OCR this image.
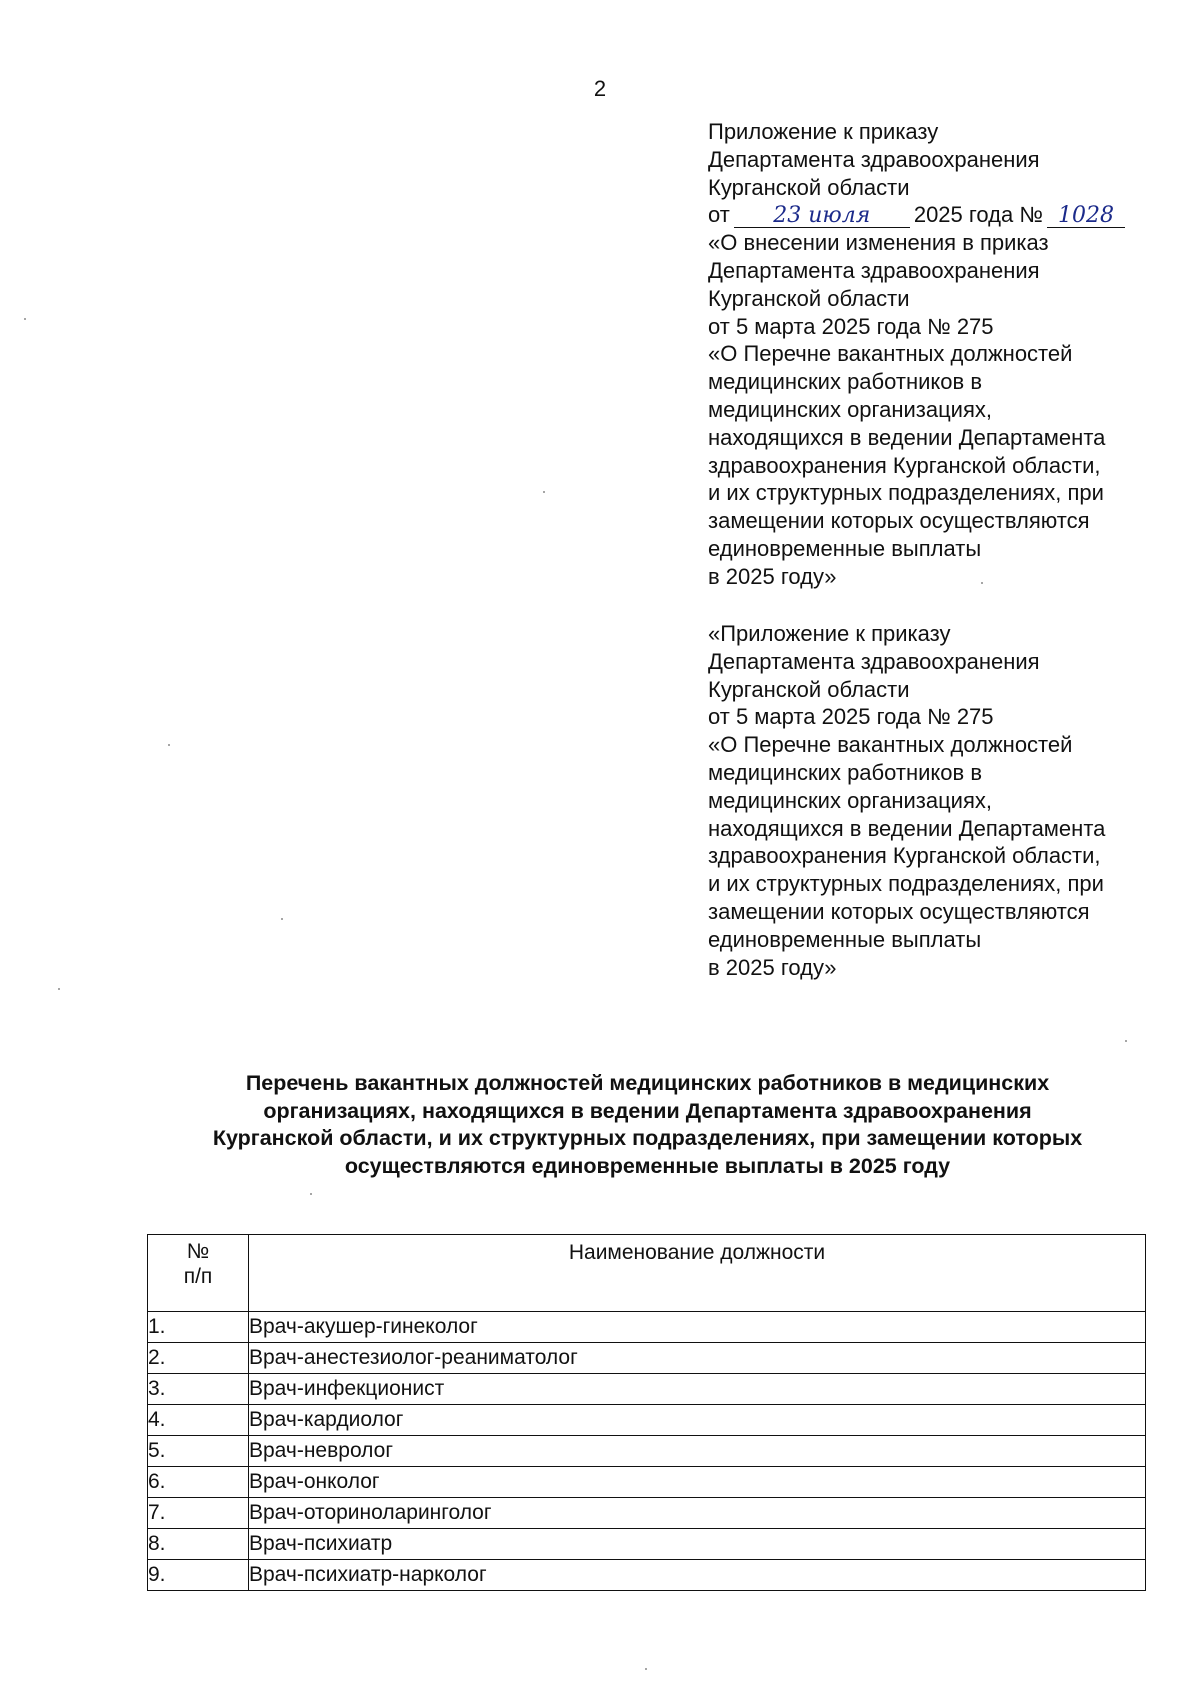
2

Приложение к приказу

Департамента здравоохранения

Курганской области

от 23 июля 2025 года № 1028

«О внесении изменения в приказ

Департамента здравоохранения

Курганской области

от 5 марта 2025 года № 275

«О Перечне вакантных должностей

медицинских работников в

медицинских организациях,

находящихся в ведении Департамента

здравоохранения Курганской области,

и их структурных подразделениях, при

замещении которых осуществляются

единовременные выплаты

в 2025 году»

«Приложение к приказу

Департамента здравоохранения

Курганской области

от 5 марта 2025 года № 275

«О Перечне вакантных должностей

медицинских работников в

медицинских организациях,

находящихся в ведении Департамента

здравоохранения Курганской области,

и их структурных подразделениях, при

замещении которых осуществляются

единовременные выплаты

в 2025 году»

Перечень вакантных должностей медицинских работников в медицинских

организациях, находящихся в ведении Департамента здравоохранения

Курганской области, и их структурных подразделениях, при замещении которых

осуществляются единовременные выплаты в 2025 году

№
п/п	Наименование должности
1.	Врач-акушер-гинеколог
2.	Врач-анестезиолог-реаниматолог
3.	Врач-инфекционист
4.	Врач-кардиолог
5.	Врач-невролог
6.	Врач-онколог
7.	Врач-оториноларинголог
8.	Врач-психиатр
9.	Врач-психиатр-нарколог
